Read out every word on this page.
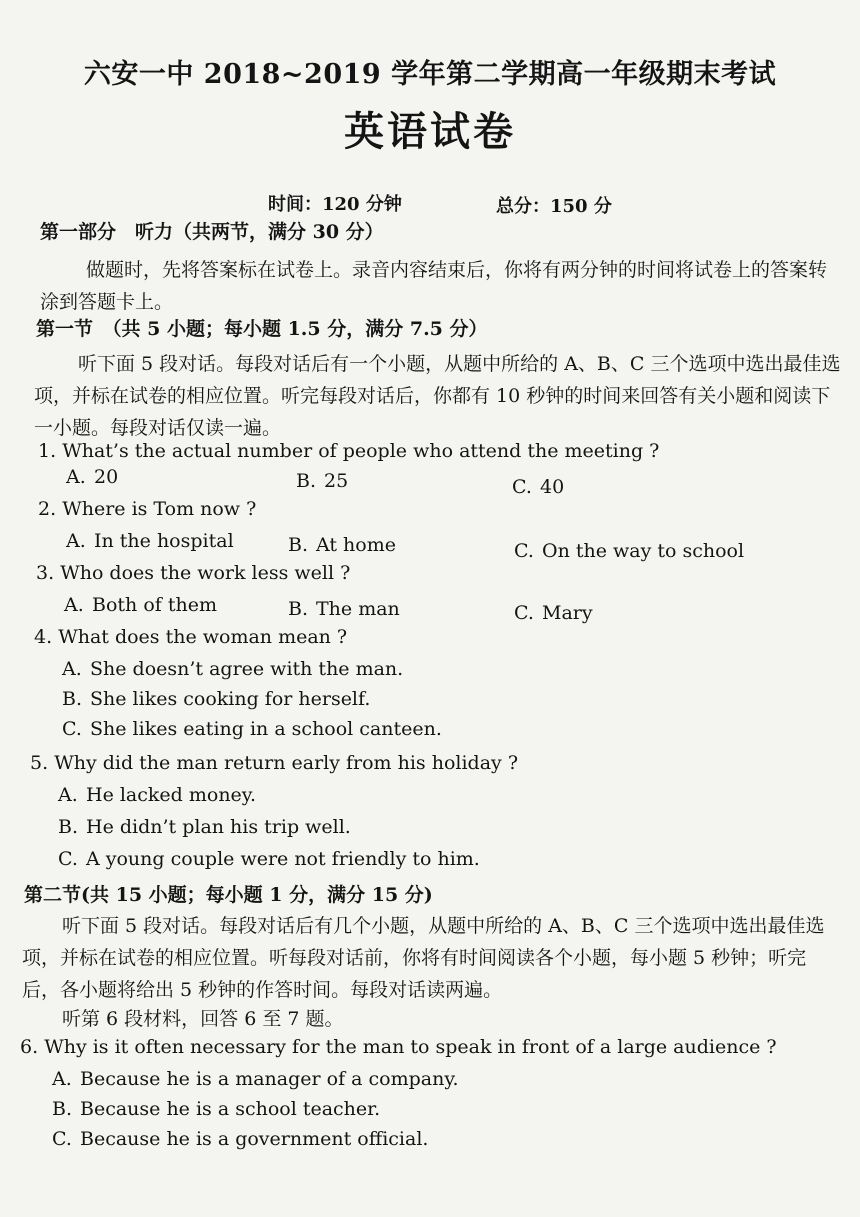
六安一中 2018~2019 学年第二学期高一年级期末考试
英语试卷
时间：120 分钟	总分：150 分
第一部分　听力（共两节，满分 30 分）
做题时，先将答案标在试卷上。录音内容结束后，你将有两分钟的时间将试卷上的答案转涂到答题卡上。
第一节　（共 5 小题；每小题 1.5 分，满分 7.5 分）
听下面 5 段对话。每段对话后有一个小题，从题中所给的 A、B、C 三个选项中选出最佳选项，并标在试卷的相应位置。听完每段对话后，你都有 10 秒钟的时间来回答有关小题和阅读下一小题。每段对话仅读一遍。
1. What’s the actual number of people who attend the meeting ?
A. 20	B. 25	C. 40
2. Where is Tom now ?
A. In the hospital	B. At home	C. On the way to school
3. Who does the work less well ?
A. Both of them	B. The man	C. Mary
4. What does the woman mean ?
A. She doesn’t agree with the man.
B. She likes cooking for herself.
C. She likes eating in a school canteen.
5. Why did the man return early from his holiday ?
A. He lacked money.
B. He didn’t plan his trip well.
C. A young couple were not friendly to him.
第二节(共 15 小题；每小题 1 分，满分 15 分)
听下面 5 段对话。每段对话后有几个小题，从题中所给的 A、B、C 三个选项中选出最佳选项，并标在试卷的相应位置。听每段对话前，你将有时间阅读各个小题，每小题 5 秒钟；听完后，各小题将给出 5 秒钟的作答时间。每段对话读两遍。
听第 6 段材料，回答 6 至 7 题。
6. Why is it often necessary for the man to speak in front of a large audience ?
A. Because he is a manager of a company.
B. Because he is a school teacher.
C. Because he is a government official.
